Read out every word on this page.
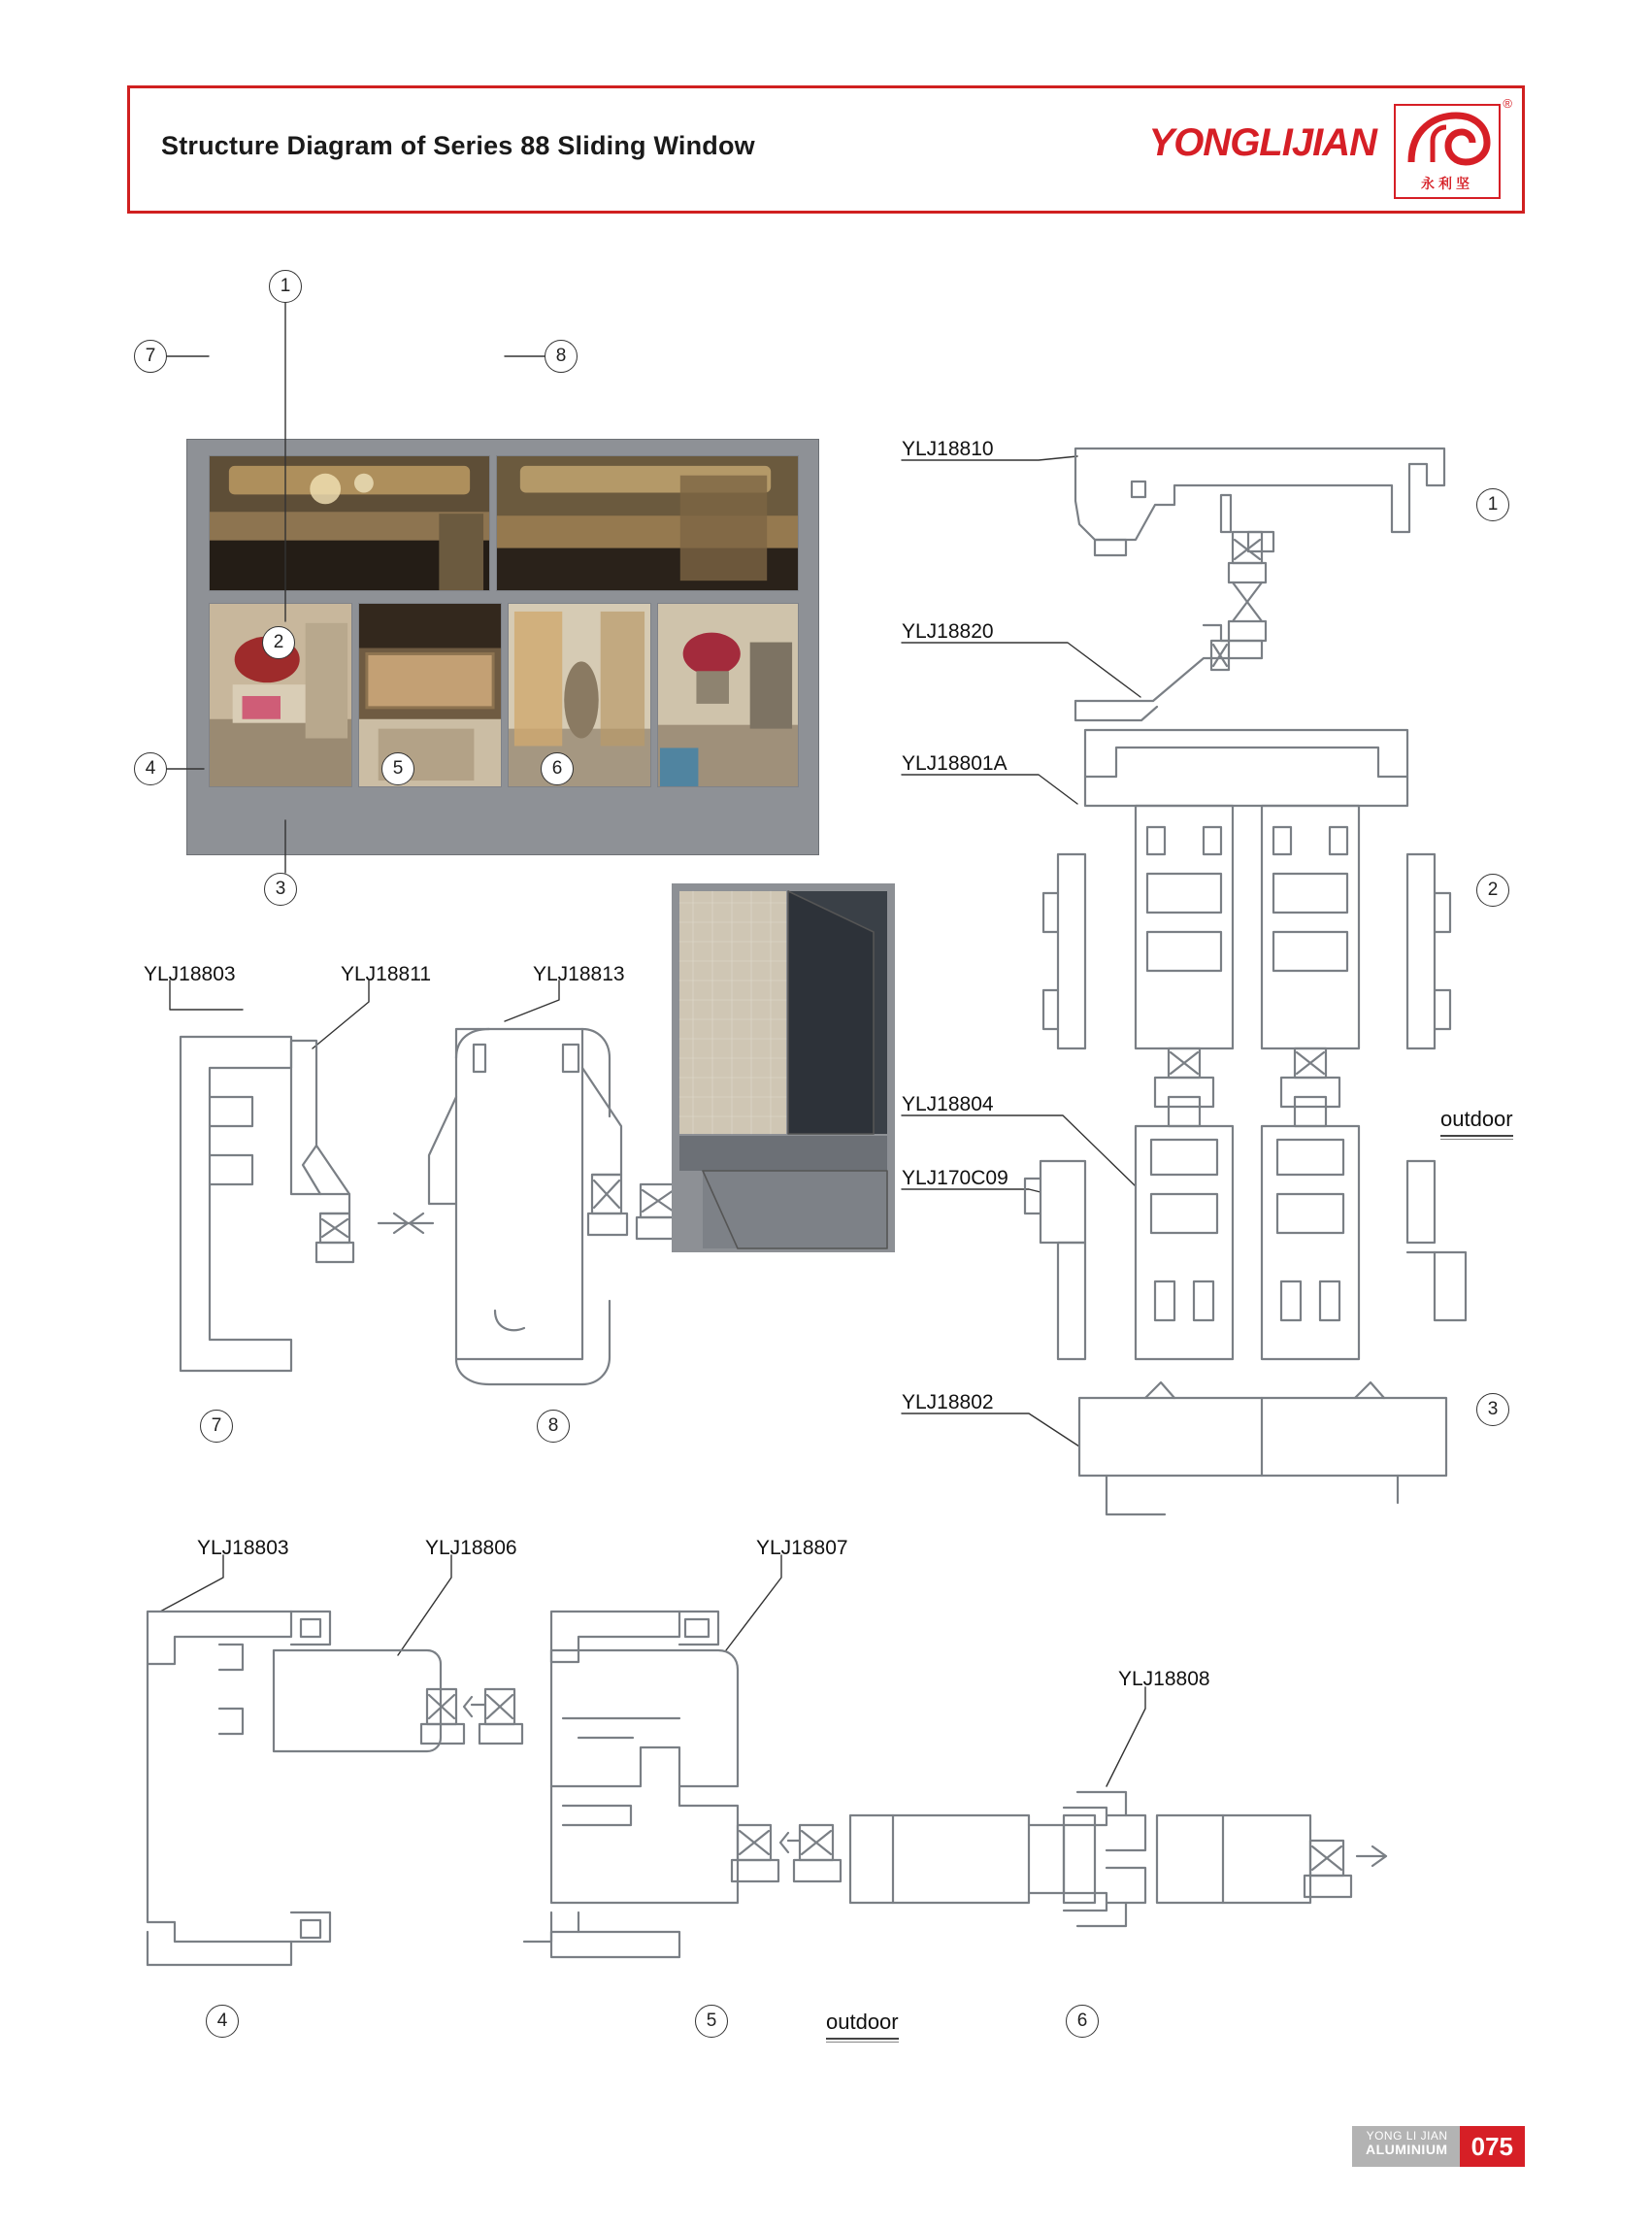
Structure Diagram of Series 88 Sliding Window	YONGLIJIAN
®
永利坚
1
7	8
2
4	5	6
3
YLJ18810
YLJ18820
YLJ18801A
YLJ18804
YLJ170C09
YLJ18802
1
2
3
outdoor
YLJ18803	YLJ18811	YLJ18813
7	8
YLJ18803	YLJ18806	YLJ18807
YLJ18808
4	5	6
outdoor
YONG LI JIAN
ALUMINIUM 075
